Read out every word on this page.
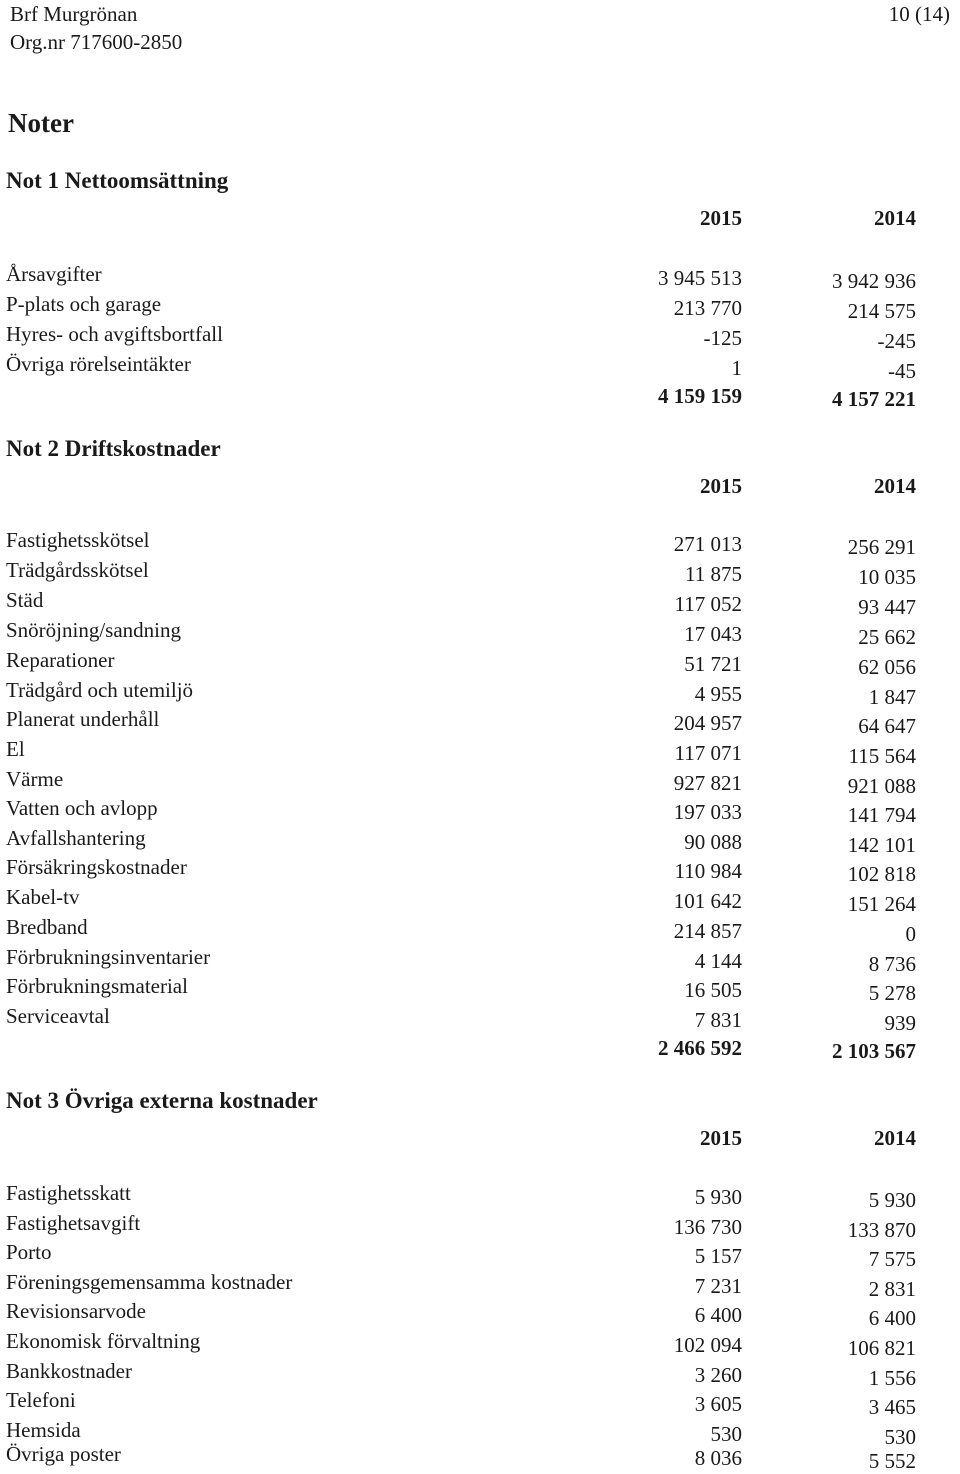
Brf Murgrönan
Org.nr 717600-2850
10 (14)
Noter
Not 1 Nettoomsättning
2015	2014
Årsavgifter	3 945 513	3 942 936
P-plats och garage	213 770	214 575
Hyres- och avgiftsbortfall	-125	-245
Övriga rörelseintäkter	1	-45
4 159 159	4 157 221
Not 2 Driftskostnader
2015	2014
Fastighetsskötsel	271 013	256 291
Trädgårdsskötsel	11 875	10 035
Städ	117 052	93 447
Snöröjning/sandning	17 043	25 662
Reparationer	51 721	62 056
Trädgård och utemiljö	4 955	1 847
Planerat underhåll	204 957	64 647
El	117 071	115 564
Värme	927 821	921 088
Vatten och avlopp	197 033	141 794
Avfallshantering	90 088	142 101
Försäkringskostnader	110 984	102 818
Kabel-tv	101 642	151 264
Bredband	214 857	0
Förbrukningsinventarier	4 144	8 736
Förbrukningsmaterial	16 505	5 278
Serviceavtal	7 831	939
2 466 592	2 103 567
Not 3 Övriga externa kostnader
2015	2014
Fastighetsskatt	5 930	5 930
Fastighetsavgift	136 730	133 870
Porto	5 157	7 575
Föreningsgemensamma kostnader	7 231	2 831
Revisionsarvode	6 400	6 400
Ekonomisk förvaltning	102 094	106 821
Bankkostnader	3 260	1 556
Telefoni	3 605	3 465
Hemsida	530	530
Övriga poster	8 036	5 552
